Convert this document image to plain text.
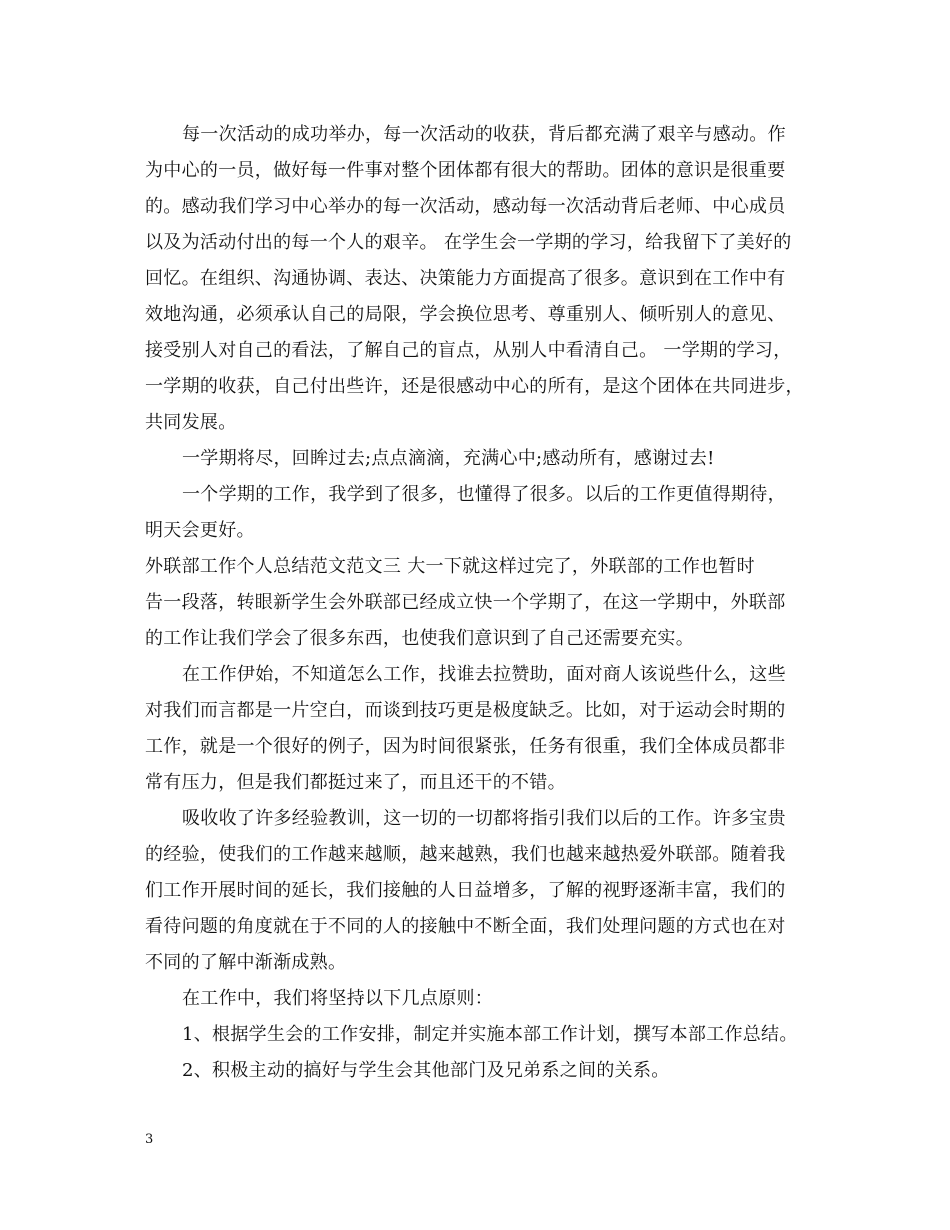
每一次活动的成功举办，每一次活动的收获，背后都充满了艰辛与感动。作
为中心的一员，做好每一件事对整个团体都有很大的帮助。团体的意识是很重要
的。感动我们学习中心举办的每一次活动，感动每一次活动背后老师、中心成员
以及为活动付出的每一个人的艰辛。 在学生会一学期的学习，给我留下了美好的
回忆。在组织、沟通协调、表达、决策能力方面提高了很多。意识到在工作中有
效地沟通，必须承认自己的局限，学会换位思考、尊重别人、倾听别人的意见、
接受别人对自己的看法，了解自己的盲点，从别人中看清自己。 一学期的学习，
一学期的收获，自己付出些许，还是很感动中心的所有，是这个团体在共同进步，
共同发展。
一学期将尽，回眸过去;点点滴滴，充满心中;感动所有，感谢过去!
一个学期的工作，我学到了很多，也懂得了很多。以后的工作更值得期待，
明天会更好。
外联部工作个人总结范文范文三 大一下就这样过完了，外联部的工作也暂时
告一段落，转眼新学生会外联部已经成立快一个学期了，在这一学期中，外联部
的工作让我们学会了很多东西，也使我们意识到了自己还需要充实。
在工作伊始，不知道怎么工作，找谁去拉赞助，面对商人该说些什么，这些
对我们而言都是一片空白，而谈到技巧更是极度缺乏。比如，对于运动会时期的
工作，就是一个很好的例子，因为时间很紧张，任务有很重，我们全体成员都非
常有压力，但是我们都挺过来了，而且还干的不错。
吸收收了许多经验教训，这一切的一切都将指引我们以后的工作。许多宝贵
的经验，使我们的工作越来越顺，越来越熟，我们也越来越热爱外联部。随着我
们工作开展时间的延长，我们接触的人日益增多，了解的视野逐渐丰富，我们的
看待问题的角度就在于不同的人的接触中不断全面，我们处理问题的方式也在对
不同的了解中渐渐成熟。
在工作中，我们将坚持以下几点原则：
1、根据学生会的工作安排，制定并实施本部工作计划，撰写本部工作总结。
2、积极主动的搞好与学生会其他部门及兄弟系之间的关系。
3
